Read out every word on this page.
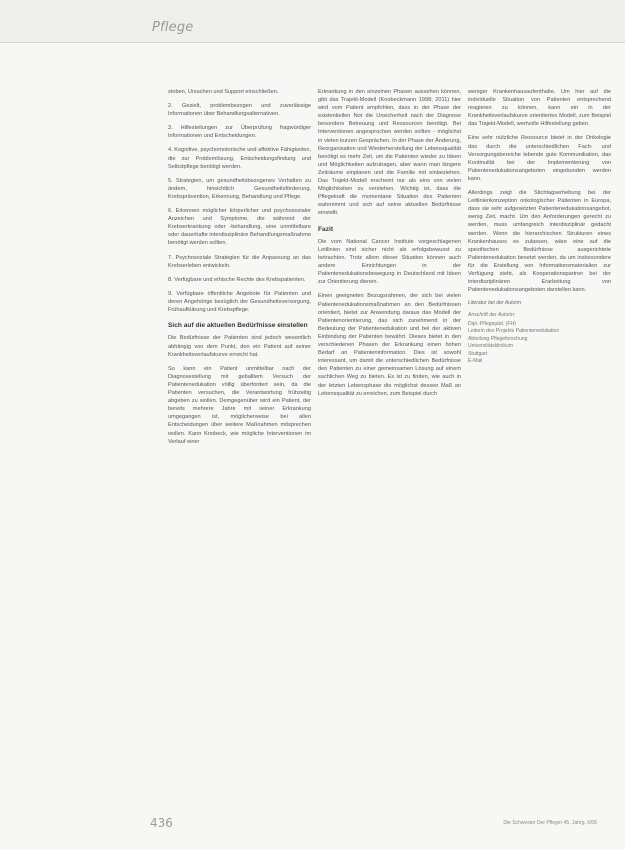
Pflege

stoben, Ursachen und Support einschließen.

2. Gezielt, problembezogen und zuverlässige Informationen über Behandlungsalternativen.

3. Hilfestellungen zur Überprüfung fragwürdiger Informationen und Entscheidungen.

4. Kognitive, psychomotorische und affektive Fähigkeiten, die zur Problemlösung, Entscheidungsfindung und Selbstpflege benötigt werden.

5. Strategien, um gesundheitsbezogenes Verhalten zu ändern, hinsichtlich Gesundheitsförderung, Krebsprävention, Erkennung, Behandlung und Pflege.

6. Erkennen möglicher körperlicher und psychosozialer Anzeichen und Symptome, die während der Krebserkrankung oder -behandlung, eine unmittelbare oder dauerhafte interdisziplinäre Behandlungsmaßnahme benötigt werden sollten.

7. Psychosoziale Strategien für die Anpassung an das Krebserleben entwickeln.

8. Verfügbare und ethische Rechte des Krebspatienten.

9. Verfügbare öffentliche Angebote für Patienten und deren Angehörige bezüglich der Gesundheitsversorgung, Frühaufklärung und Krebspflege.

Sich auf die aktuellen Bedürfnisse einstellen

Die Bedürfnisse der Patienten sind jedoch wesentlich abhängig von dem Punkt, den ein Patient auf seiner Krankheitsverlaufskurve erreicht hat.

So kann ein Patient unmittelbar nach der Diagnosestellung mit geballtem Versuch der Patientenedukation völlig überfordert sein, da die Patienten versuchen, die Verantwortung frühzeitig abgeben zu wollen. Demgegenüber wird ein Patient, der bereits mehrere Jahre mit seiner Erkrankung umgegangen ist, möglicherweise bei allen Entscheidungen über weitere Maßnahmen mitsprechen wollen. Kann Knobeck, wie mögliche Interventionen im Verlauf einer

Erkrankung in den einzelnen Phasen aussehen können, gibt das Trajekt-Modell (Knobeckmann 1998; 2011) hier wird vom Patient empfohlen, dass in der Phase der existentiellen Not die Unsicherheit nach der Diagnose besonders Betreuung und Ressourcen benötigt. Bei Interventionen angesprochen werden sollten - möglichst in vielen kurzen Gesprächen. In der Phase der Änderung, Reorganisation und Wiederherstellung der Lebensqualität benötigt es mehr Zeit, um die Patienten wieder zu Ideen und Möglichkeiten aufzutragen, aber wann man längere Zeiträume einplanen und die Familie mit einbeziehen. Das Trajekt-Modell erscheint nur als eins von vielen Möglichkeiten zu verstehen. Wichtig ist, dass die Pflegekraft die momentane Situation des Patienten wahrnimmt und sich auf seine aktuellen Bedürfnisse einstellt.

Fazit

Die vom National Cancer Institute vorgeschlagenen Leitlinien sind sicher nicht als erfolgsbewusst zu betrachten. Trotz allem dieser Situation können auch andere Einrichtungen in der Patientenedukationsbewegung in Deutschland mit Ideen zur Orientierung dienen.

Einen geeigneten Bezugsrahmen, der sich bei vielen Patientenedukationsmaßnahmen an den Bedürfnissen orientiert, bietet zur Anwendung daraus das Modell der Patientenorientierung, das sich zunehmend in der Bedeutung der Patientenedukation und bei der aktiven Einbindung der Patienten bewährt. Dieses bietet in den verschiedenen Phasen der Erkrankung einen hohen Bedarf an Patienteninformation. Dies ist sowohl interessant, um damit die unterschiedlichen Bedürfnisse den Patienten zu einer gemeinsamen Lösung auf einem sachlichen Weg zu bieten. Es ist zu finden, wie auch in der letzten Lebensphase die möglichst dessen Maß an Lebensqualität zu erreichen, zum Beispiel durch

weniger Krankenhausaufenthalte. Um hier auf die individuelle Situation von Patienten entsprechend reagieren zu können, kann ein in der Krankheitsverlaufskurve orientiertes Modell, zum Beispiel das Trajekt-Modell, wertvolle Hilfestellung geben.

Eine sehr nützliche Ressource bietet in der Onkologie das durch die unterschiedlichen Fach- und Versorgungsbereiche lebende gute Kommunikation, das Kontinuität bei der Implementierung von Patientenedukationsangeboten eingebunden werden kann.

Allerdings zeigt die Stichtagserhebung bei der Leitlinienkonzeption onkologischer Patienten in Europa, dass sie sehr aufgesetzten Patientenedukationsangebot, wenig Zeit, macht. Um den Anforderungen gerecht zu werden, muss umfangreich interdisziplinär gedacht werden. Wenn die hierarchischen Strukturen eines Krankenhauses es zulassen, wäre eine auf die spezifischen Bedürfnisse ausgerichtete Patientenedukation besetzt werden, da um insbesondere für die Erstellung von Informationsmaterialien zur Verfügung steht, als Kooperationspartner bei der interdisziplinären Erarbeitung von Patientenedukationsangeboten darstellen kann.

Literatur bei der Autorin
Anschrift der Autorin:
Dipl.-Pflegepäd. (FH)
Leiterin des Projekts Patientenedukation
Abteilung Pflegeforschung
Universitätsklinikum
Stuttgart
E-Mail
436	Die Schwester Der Pfleger 45. Jahrg. 6/06
